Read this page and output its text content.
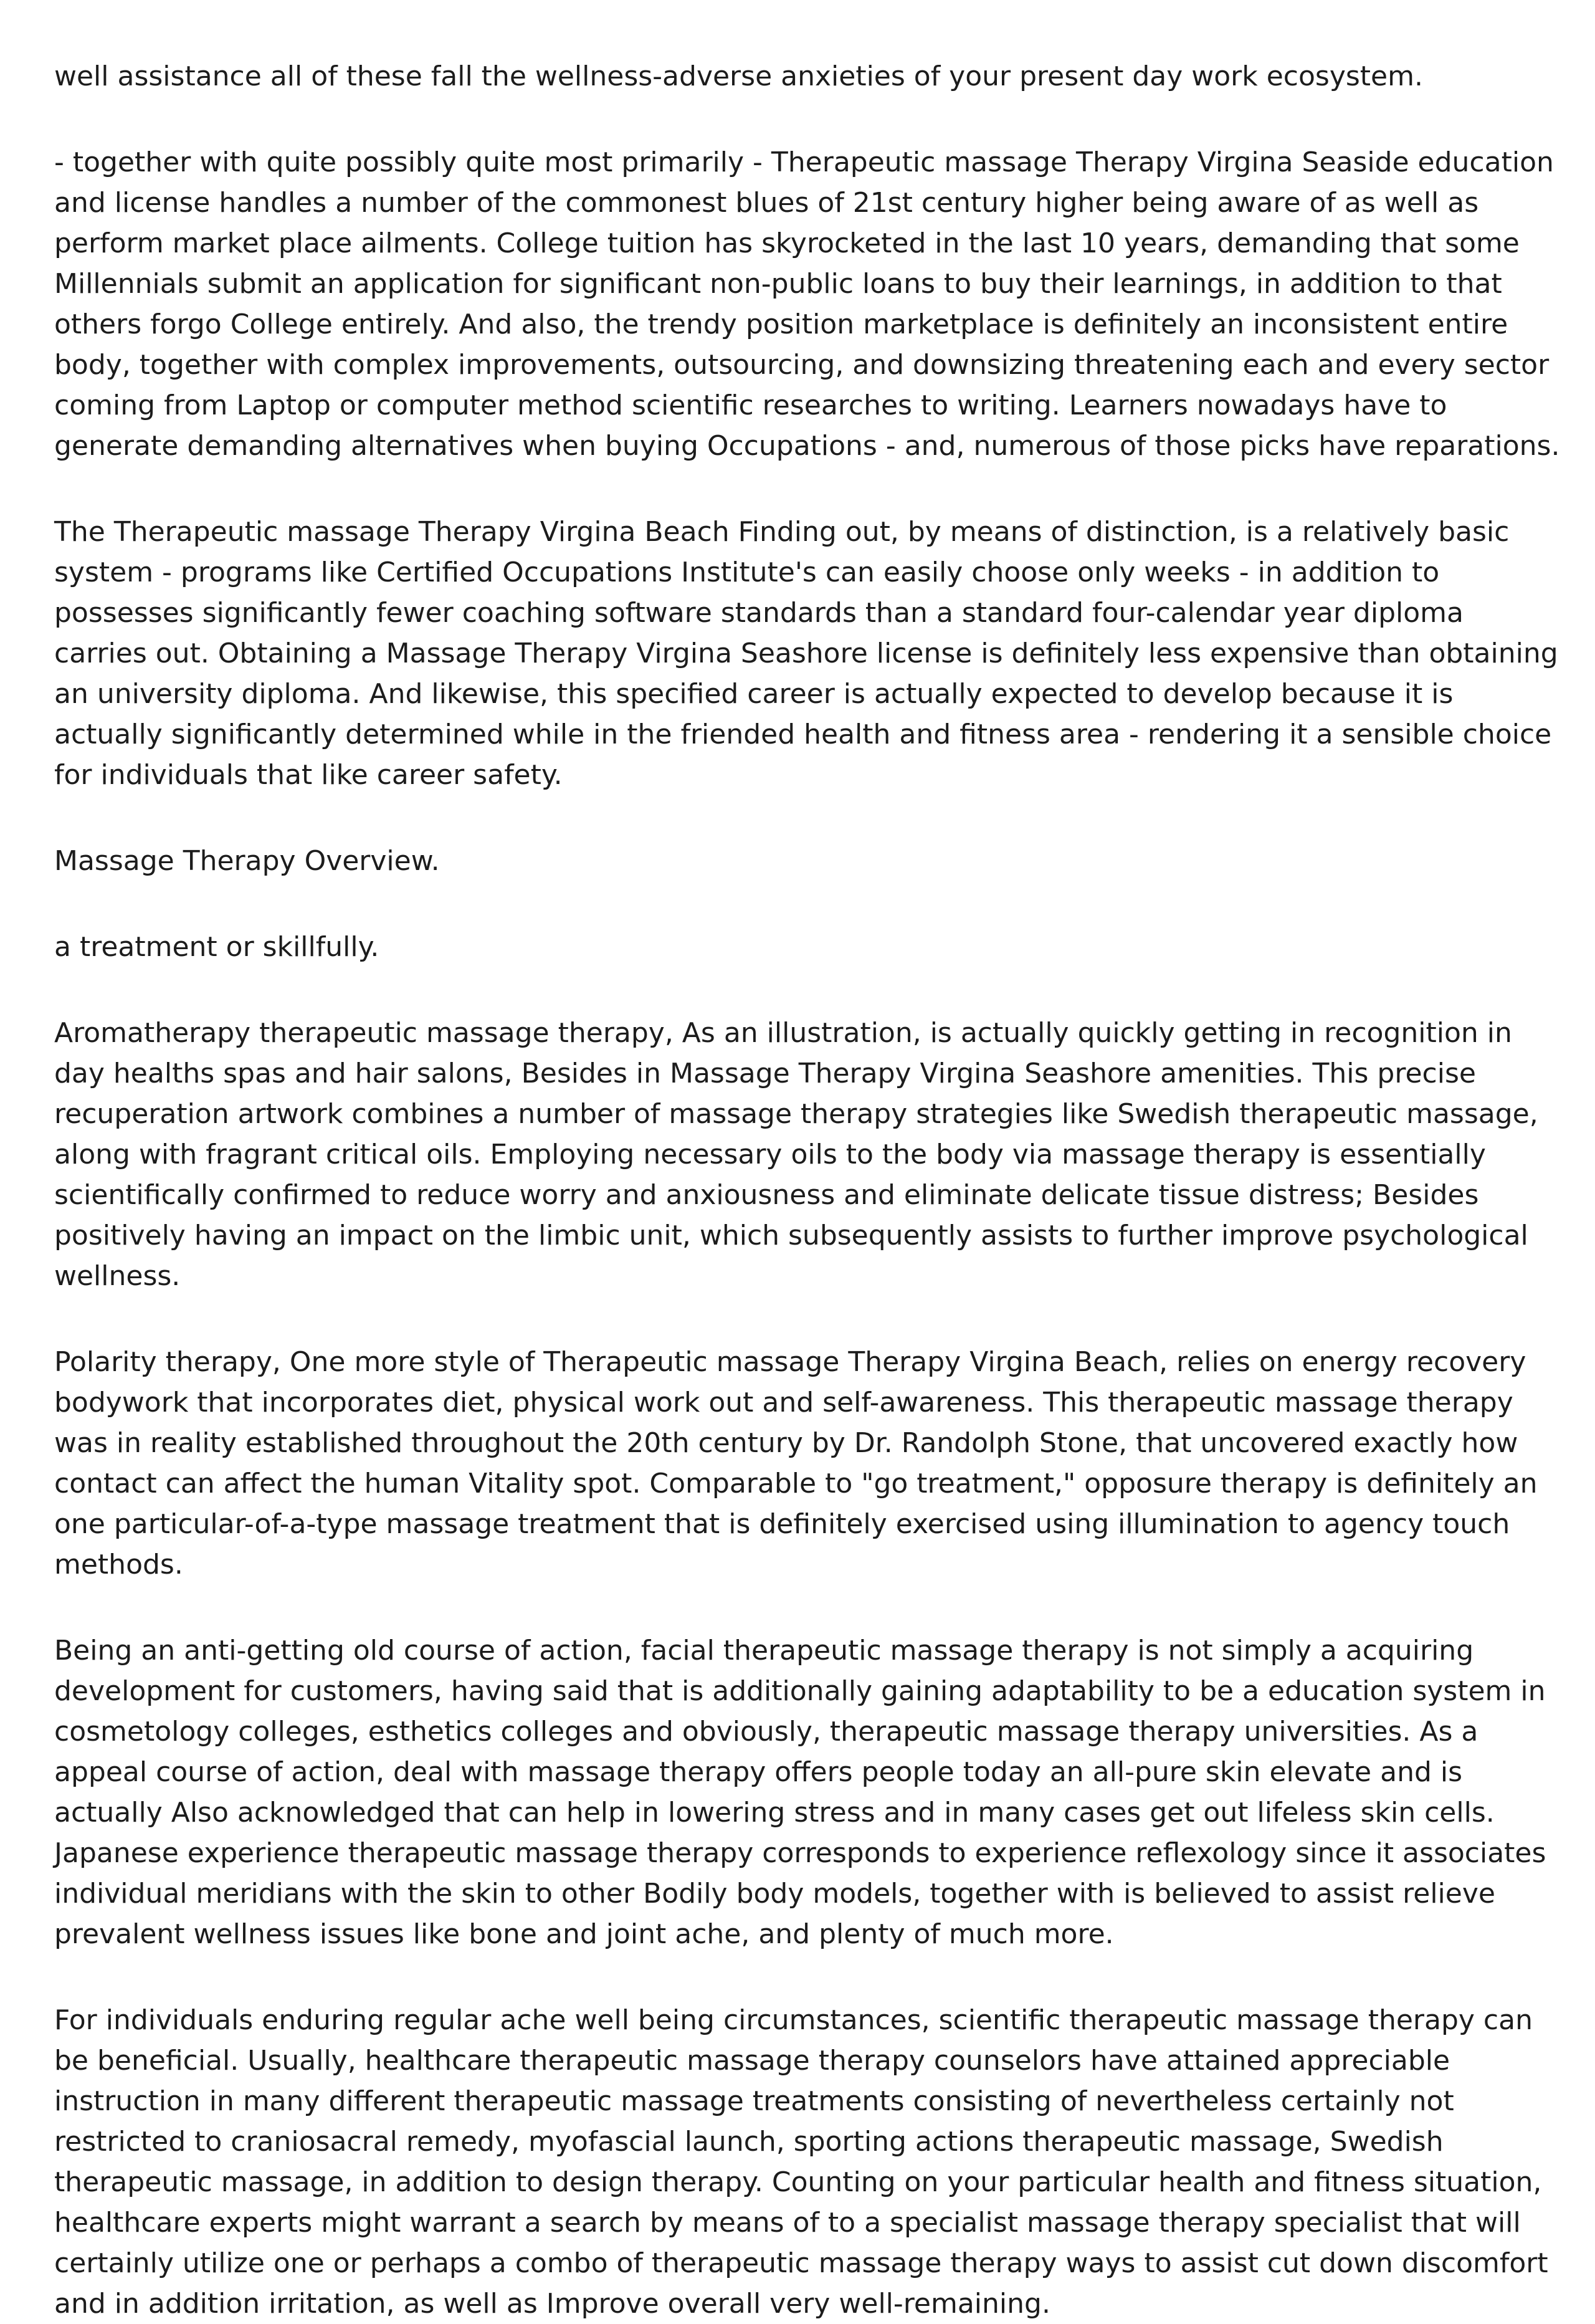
well assistance all of these fall the wellness-adverse anxieties of your present day work ecosystem.

- together with quite possibly quite most primarily - Therapeutic massage Therapy Virgina Seaside education and license handles a number of the commonest blues of 21st century higher being aware of as well as perform market place ailments. College tuition has skyrocketed in the last 10 years, demanding that some Millennials submit an application for significant non-public loans to buy their learnings, in addition to that others forgo College entirely. And also, the trendy position marketplace is definitely an inconsistent entire body, together with complex improvements, outsourcing, and downsizing threatening each and every sector coming from Laptop or computer method scientific researches to writing. Learners nowadays have to generate demanding alternatives when buying Occupations - and, numerous of those picks have reparations.

The Therapeutic massage Therapy Virgina Beach Finding out, by means of distinction, is a relatively basic system - programs like Certified Occupations Institute's can easily choose only weeks - in addition to possesses significantly fewer coaching software standards than a standard four-calendar year diploma carries out. Obtaining a Massage Therapy Virgina Seashore license is definitely less expensive than obtaining an university diploma. And likewise, this specified career is actually expected to develop because it is actually significantly determined while in the friended health and fitness area - rendering it a sensible choice for individuals that like career safety.

Massage Therapy Overview.

a treatment or skillfully.

Aromatherapy therapeutic massage therapy, As an illustration, is actually quickly getting in recognition in day healths spas and hair salons, Besides in Massage Therapy Virgina Seashore amenities. This precise recuperation artwork combines a number of massage therapy strategies like Swedish therapeutic massage, along with fragrant critical oils. Employing necessary oils to the body via massage therapy is essentially scientifically confirmed to reduce worry and anxiousness and eliminate delicate tissue distress; Besides positively having an impact on the limbic unit, which subsequently assists to further improve psychological wellness.

Polarity therapy, One more style of Therapeutic massage Therapy Virgina Beach, relies on energy recovery bodywork that incorporates diet, physical work out and self-awareness. This therapeutic massage therapy was in reality established throughout the 20th century by Dr. Randolph Stone, that uncovered exactly how contact can affect the human Vitality spot. Comparable to "go treatment," opposure therapy is definitely an one particular-of-a-type massage treatment that is definitely exercised using illumination to agency touch methods.

Being an anti-getting old course of action, facial therapeutic massage therapy is not simply a acquiring development for customers, having said that is additionally gaining adaptability to be a education system in cosmetology colleges, esthetics colleges and obviously, therapeutic massage therapy universities. As a appeal course of action, deal with massage therapy offers people today an all-pure skin elevate and is actually Also acknowledged that can help in lowering stress and in many cases get out lifeless skin cells. Japanese experience therapeutic massage therapy corresponds to experience reflexology since it associates individual meridians with the skin to other Bodily body models, together with is believed to assist relieve prevalent wellness issues like bone and joint ache, and plenty of much more.

For individuals enduring regular ache well being circumstances, scientific therapeutic massage therapy can be beneficial. Usually, healthcare therapeutic massage therapy counselors have attained appreciable instruction in many different therapeutic massage treatments consisting of nevertheless certainly not restricted to craniosacral remedy, myofascial launch, sporting actions therapeutic massage, Swedish therapeutic massage, in addition to design therapy. Counting on your particular health and fitness situation, healthcare experts might warrant a search by means of to a specialist massage therapy specialist that will certainly utilize one or perhaps a combo of therapeutic massage therapy ways to assist cut down discomfort and in addition irritation, as well as Improve overall very well-remaining.
